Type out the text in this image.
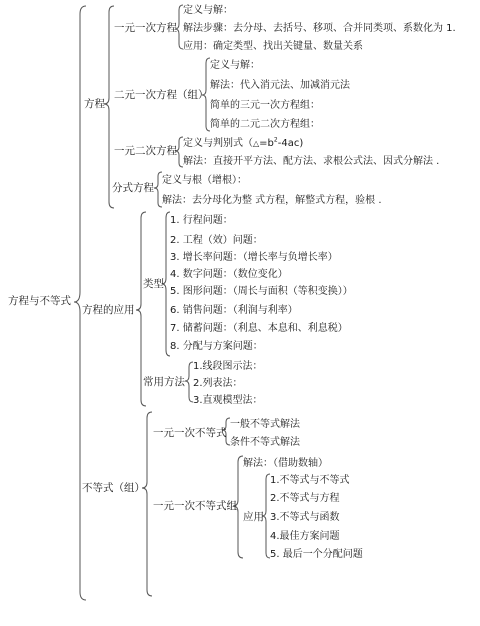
方程与不等式
方程
一元一次方程
定义与解：
解法步骤：去分母、去括号、移项、合并同类项、系数化为 1.
应用：确定类型、找出关键量、数量关系
二元一次方程（组）
定义与解：
解法：代入消元法、加减消元法
简单的三元一次方程组：
简单的二元二次方程组：
一元二次方程
定义与判别式$(\triangle=b^2-4ac)$
解法：直接开平方法、配方法、求根公式法、因式分解法 .
分式方程
定义与根（增根）：
解法：去分母化为整 式方程，解整式方程，验根 .
方程的应用
类型
1. 行程问题：
2. 工程（效）问题：
3. 增长率问题：（增长率与负增长率）
4. 数字问题：（数位变化）
5. 图形问题：（周长与面积（等积变换））
6. 销售问题：（利润与利率）
7. 储蓄问题：（利息、本息和、利息税）
8. 分配与方案问题：
常用方法
1.线段图示法：
2.列表法：
3.直观模型法：
不等式（组）
一元一次不等式
一般不等式解法
条件不等式解法
一元一次不等式组
解法：（借助数轴）
应用
1.不等式与不等式
2.不等式与方程
3.不等式与函数
4.最佳方案问题
5. 最后一个分配问题
